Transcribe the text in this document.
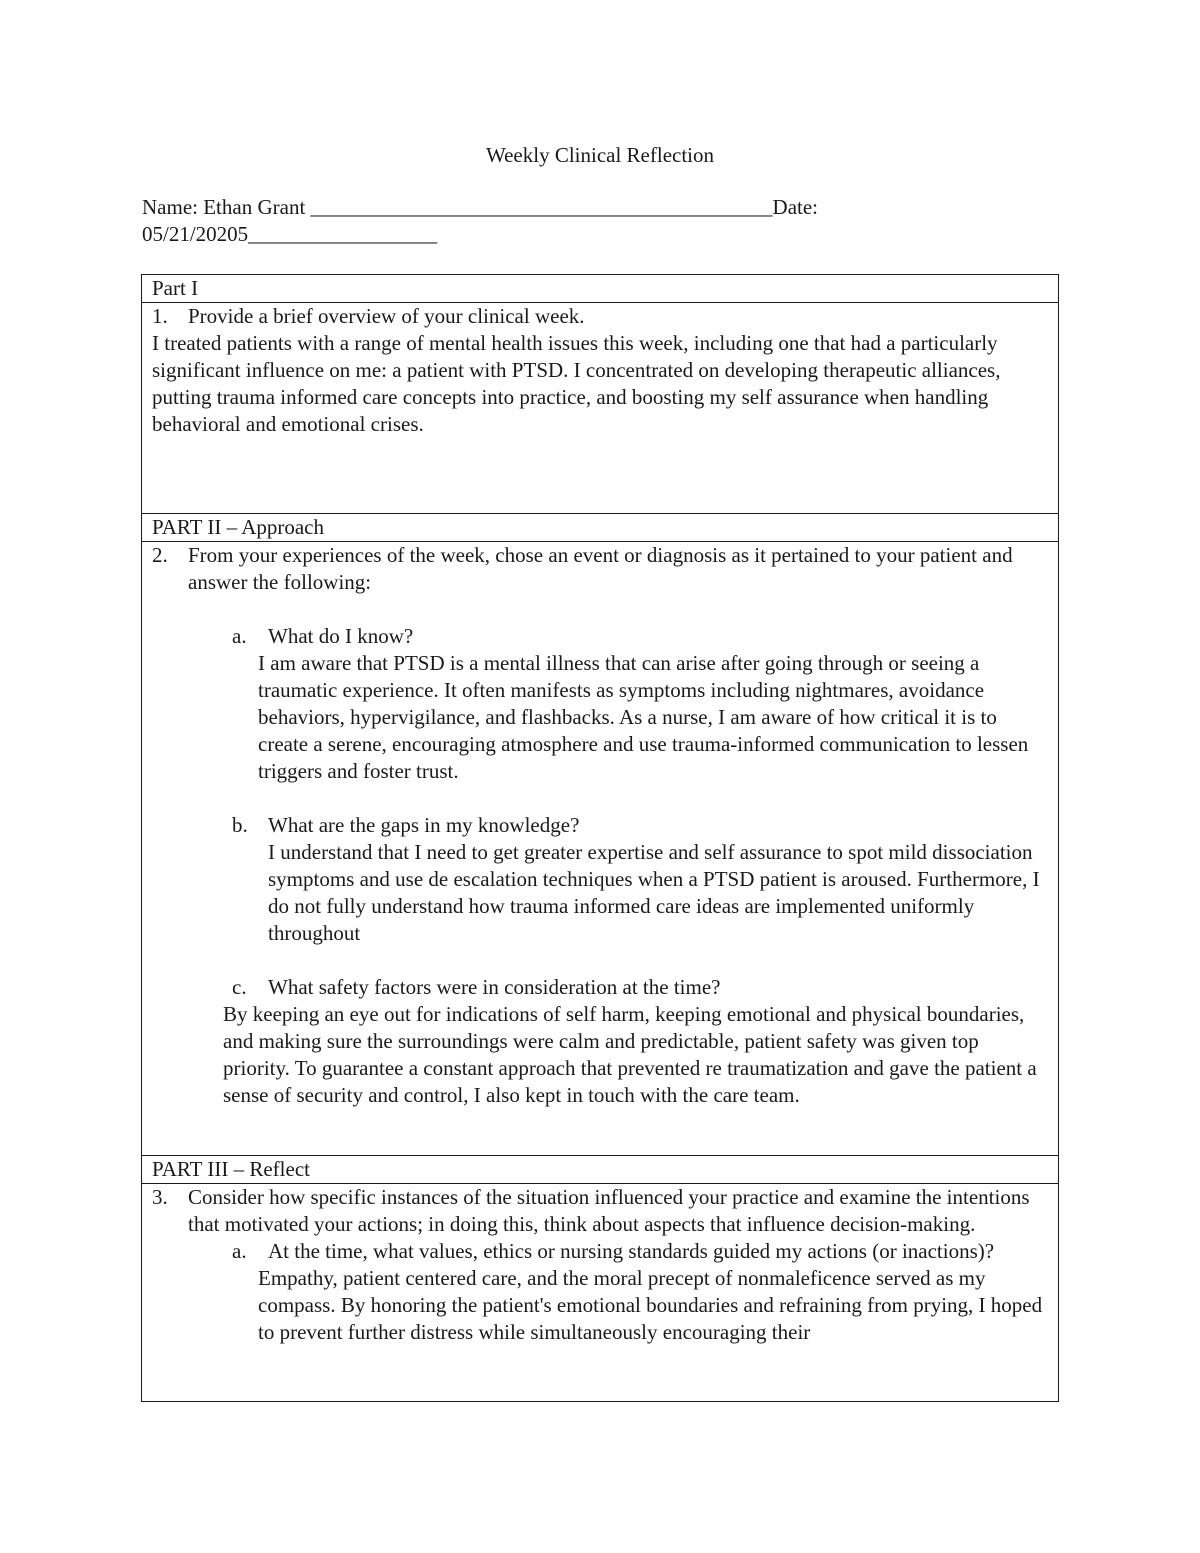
Weekly Clinical Reflection
Name: Ethan Grant ____________________________________________Date:
05/21/20205__________________
Part I

1. Provide a brief overview of your clinical week.
I treated patients with a range of mental health issues this week, including one that had a particularly significant influence on me: a patient with PTSD. I concentrated on developing therapeutic alliances, putting trauma informed care concepts into practice, and boosting my self assurance when handling behavioral and emotional crises.

PART II – Approach

2. From your experiences of the week, chose an event or diagnosis as it pertained to your patient and answer the following:
a. What do I know?
I am aware that PTSD is a mental illness that can arise after going through or seeing a traumatic experience. It often manifests as symptoms including nightmares, avoidance behaviors, hypervigilance, and flashbacks. As a nurse, I am aware of how critical it is to create a serene, encouraging atmosphere and use trauma-informed communication to lessen triggers and foster trust.
b. What are the gaps in my knowledge?
I understand that I need to get greater expertise and self assurance to spot mild dissociation symptoms and use de escalation techniques when a PTSD patient is aroused. Furthermore, I do not fully understand how trauma informed care ideas are implemented uniformly throughout
c. What safety factors were in consideration at the time?
By keeping an eye out for indications of self harm, keeping emotional and physical boundaries, and making sure the surroundings were calm and predictable, patient safety was given top priority. To guarantee a constant approach that prevented re traumatization and gave the patient a sense of security and control, I also kept in touch with the care team.

PART III – Reflect

3. Consider how specific instances of the situation influenced your practice and examine the intentions that motivated your actions; in doing this, think about aspects that influence decision-making.
a. At the time, what values, ethics or nursing standards guided my actions (or inactions)?
Empathy, patient centered care, and the moral precept of nonmaleficence served as my compass. By honoring the patient's emotional boundaries and refraining from prying, I hoped to prevent further distress while simultaneously encouraging their
